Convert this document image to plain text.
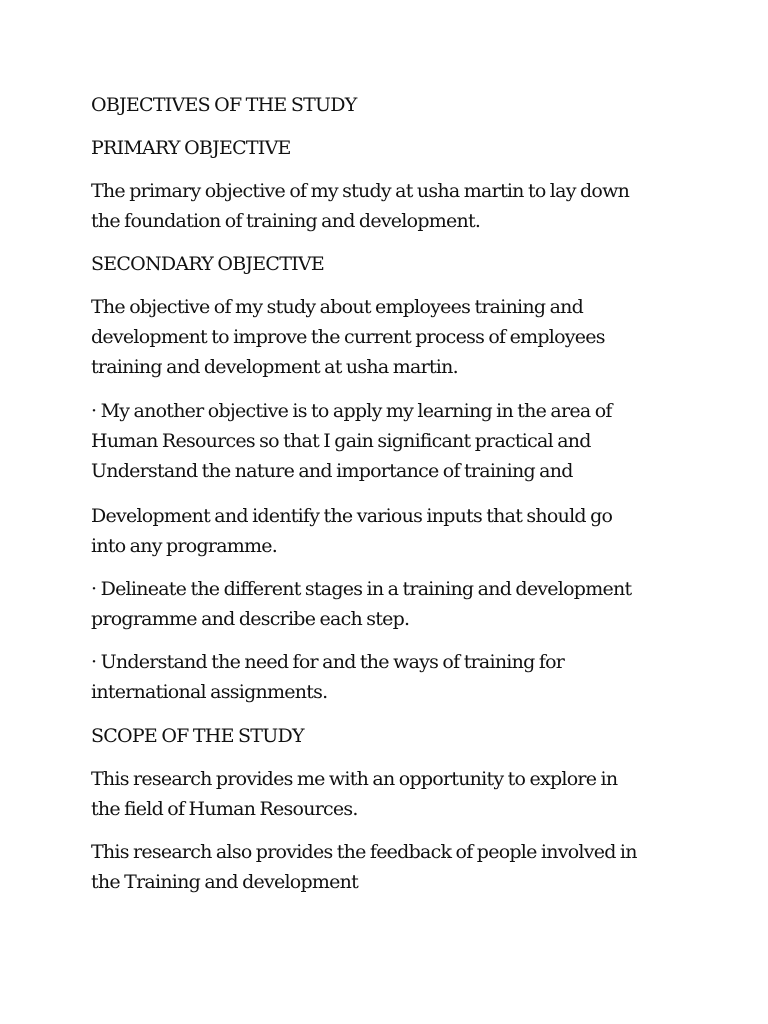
OBJECTIVES OF THE STUDY

PRIMARY OBJECTIVE

The primary objective of my study at usha martin to lay down
the foundation of training and development.

SECONDARY OBJECTIVE

The objective of my study about employees training and
development to improve the current process of employees
training and development at usha martin.

· My another objective is to apply my learning in the area of
Human Resources so that I gain significant practical and
Understand the nature and importance of training and

Development and identify the various inputs that should go
into any programme.

· Delineate the different stages in a training and development
programme and describe each step.

· Understand the need for and the ways of training for
international assignments.

SCOPE OF THE STUDY

This research provides me with an opportunity to explore in
the field of Human Resources.

This research also provides the feedback of people involved in
the Training and development
